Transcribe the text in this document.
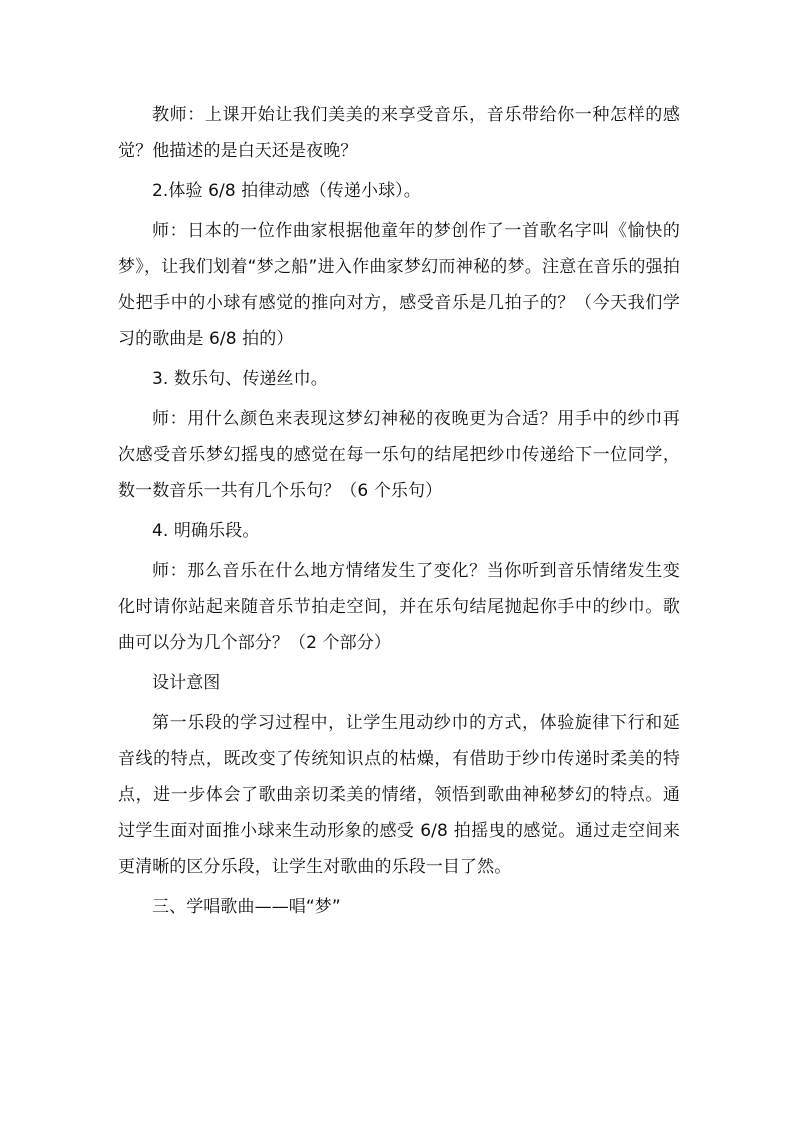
教师：上课开始让我们美美的来享受音乐，音乐带给你一种怎样的感觉？他描述的是白天还是夜晚？

2.体验 6/8 拍律动感（传递小球）。

师：日本的一位作曲家根据他童年的梦创作了一首歌名字叫《愉快的梦》，让我们划着“梦之船”进入作曲家梦幻而神秘的梦。注意在音乐的强拍处把手中的小球有感觉的推向对方，感受音乐是几拍子的？（今天我们学习的歌曲是 6/8 拍的）

3. 数乐句、传递丝巾。

师：用什么颜色来表现这梦幻神秘的夜晚更为合适？用手中的纱巾再次感受音乐梦幻摇曳的感觉在每一乐句的结尾把纱巾传递给下一位同学，数一数音乐一共有几个乐句？（6 个乐句）

4. 明确乐段。

师：那么音乐在什么地方情绪发生了变化？当你听到音乐情绪发生变化时请你站起来随音乐节拍走空间，并在乐句结尾抛起你手中的纱巾。歌曲可以分为几个部分？（2 个部分）

设计意图

第一乐段的学习过程中，让学生甩动纱巾的方式，体验旋律下行和延音线的特点，既改变了传统知识点的枯燥，有借助于纱巾传递时柔美的特点，进一步体会了歌曲亲切柔美的情绪，领悟到歌曲神秘梦幻的特点。通过学生面对面推小球来生动形象的感受 6/8 拍摇曳的感觉。通过走空间来更清晰的区分乐段，让学生对歌曲的乐段一目了然。

三、学唱歌曲——唱“梦”
